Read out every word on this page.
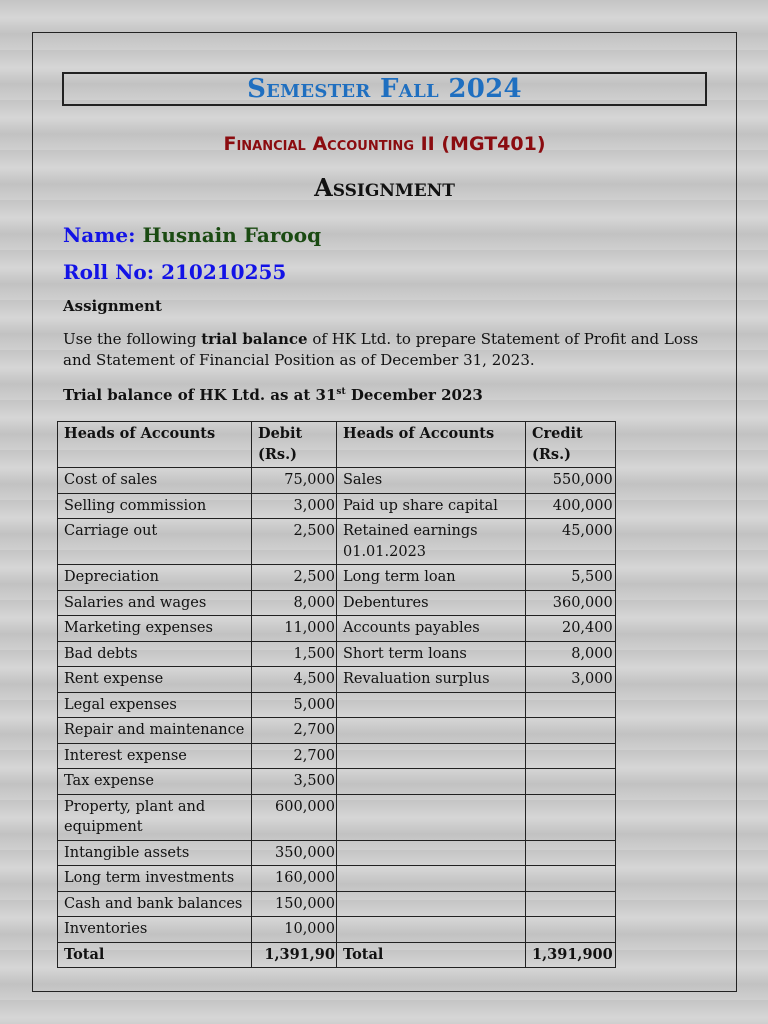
Semester Fall 2024
Financial Accounting II (MGT401)
Assignment
Name: Husnain Farooq
Roll No: 210210255
Assignment
Use the following trial balance of HK Ltd. to prepare Statement of Profit and Loss and Statement of Financial Position as of December 31, 2023.
Trial balance of HK Ltd. as at 31st December 2023
Heads of Accounts	Debit (Rs.)	Heads of Accounts	Credit (Rs.)
Cost of sales	75,000	Sales	550,000
Selling commission	3,000	Paid up share capital	400,000
Carriage out	2,500	Retained earnings 01.01.2023	45,000
Depreciation	2,500	Long term loan	5,500
Salaries and wages	8,000	Debentures	360,000
Marketing expenses	11,000	Accounts payables	20,400
Bad debts	1,500	Short term loans	8,000
Rent expense	4,500	Revaluation surplus	3,000
Legal expenses	5,000		
Repair and maintenance	2,700		
Interest expense	2,700		
Tax expense	3,500		
Property, plant and equipment	600,000		
Intangible assets	350,000		
Long term investments	160,000		
Cash and bank balances	150,000		
Inventories	10,000		
Total	1,391,90	Total	1,391,900
